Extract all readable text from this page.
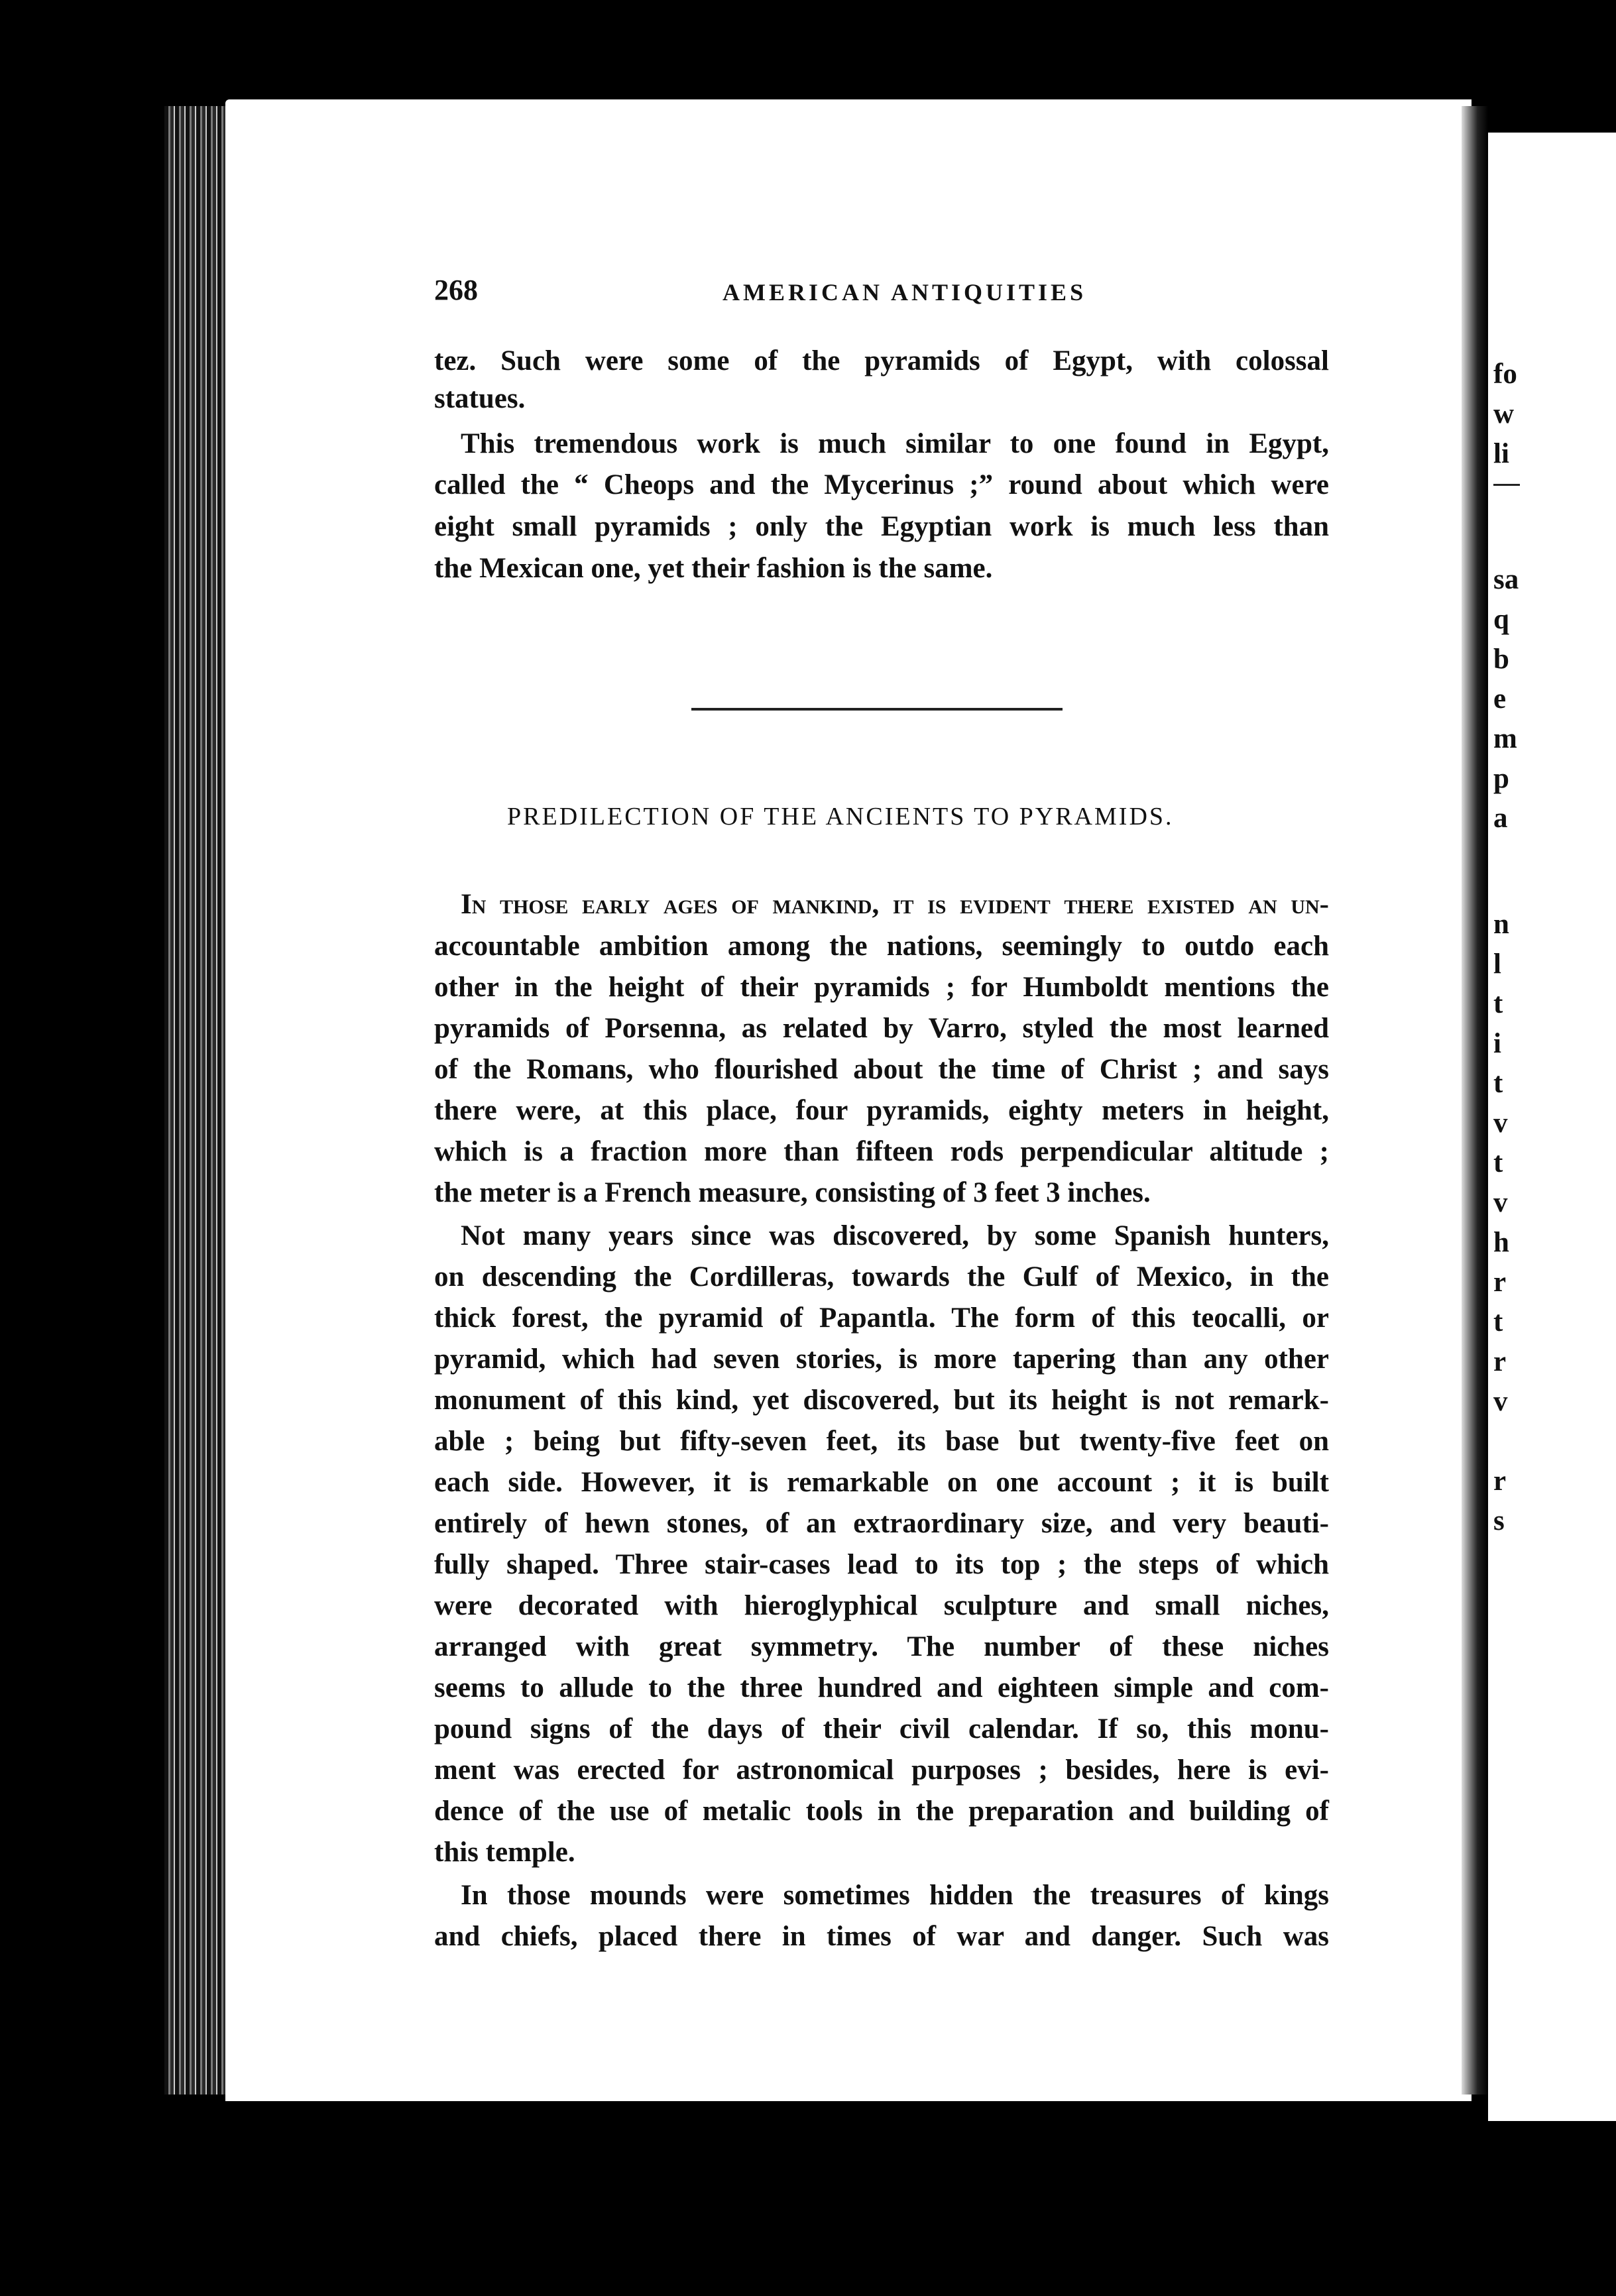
fo
w
li
sa
q
b
e
m
p
a
n
l
t
i
t
v
t
v
h
r
t
r
v
r
s
268	AMERICAN ANTIQUITIES
tez. Such were some of the pyramids of Egypt, with colossal
statues.
This tremendous work is much similar to one found in Egypt,
called the “ Cheops and the Mycerinus ;” round about which were
eight small pyramids ; only the Egyptian work is much less than
the Mexican one, yet their fashion is the same.
PREDILECTION OF THE ANCIENTS TO PYRAMIDS.
In those early ages of mankind, it is evident there existed an un-
accountable ambition among the nations, seemingly to outdo each
other in the height of their pyramids ; for Humboldt mentions the
pyramids of Porsenna, as related by Varro, styled the most learned
of the Romans, who flourished about the time of Christ ; and says
there were, at this place, four pyramids, eighty meters in height,
which is a fraction more than fifteen rods perpendicular altitude ;
the meter is a French measure, consisting of 3 feet 3 inches.
Not many years since was discovered, by some Spanish hunters,
on descending the Cordilleras, towards the Gulf of Mexico, in the
thick forest, the pyramid of Papantla. The form of this teocalli, or
pyramid, which had seven stories, is more tapering than any other
monument of this kind, yet discovered, but its height is not remark-
able ; being but fifty-seven feet, its base but twenty-five feet on
each side. However, it is remarkable on one account ; it is built
entirely of hewn stones, of an extraordinary size, and very beauti-
fully shaped. Three stair-cases lead to its top ; the steps of which
were decorated with hieroglyphical sculpture and small niches,
arranged with great symmetry. The number of these niches
seems to allude to the three hundred and eighteen simple and com-
pound signs of the days of their civil calendar. If so, this monu-
ment was erected for astronomical purposes ; besides, here is evi-
dence of the use of metalic tools in the preparation and building of
this temple.
In those mounds were sometimes hidden the treasures of kings
and chiefs, placed there in times of war and danger. Such was
